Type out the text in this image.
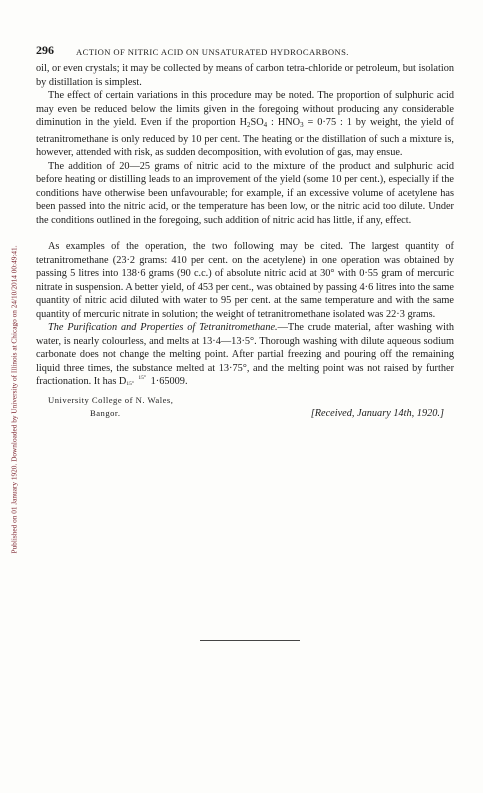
Published on 01 January 1920. Downloaded by University of Illinois at Chicago on 24/10/2014 00:49:41.
296	ACTION OF NITRIC ACID ON UNSATURATED HYDROCARBONS.

oil, or even crystals; it may be collected by means of carbon tetra-chloride or petroleum, but isolation by distillation is simplest.

The effect of certain variations in this procedure may be noted. The proportion of sulphuric acid may even be reduced below the limits given in the foregoing without producing any considerable diminution in the yield. Even if the proportion $H_2SO_4$ : $HNO_3 = 0\cdot 75$ : 1 by weight, the yield of tetranitromethane is only reduced by 10 per cent. The heating or the distillation of such a mixture is, however, attended with risk, as sudden decomposition, with evolution of gas, may ensue.

The addition of 20—25 grams of nitric acid to the mixture of the product and sulphuric acid before heating or distilling leads to an improvement of the yield (some 10 per cent.), especially if the conditions have otherwise been unfavourable; for example, if an excessive volume of acetylene has been passed into the nitric acid, or the temperature has been low, or the nitric acid too dilute. Under the conditions outlined in the foregoing, such addition of nitric acid has little, if any, effect.

As examples of the operation, the two following may be cited. The largest quantity of tetranitromethane (23·2 grams: 410 per cent. on the acetylene) in one operation was obtained by passing 5 litres into 138·6 grams (90 c.c.) of absolute nitric acid at 30° with 0·55 gram of mercuric nitrate in suspension. A better yield, of 453 per cent., was obtained by passing 4·6 litres into the same quantity of nitric acid diluted with water to 95 per cent. at the same temperature and with the same quantity of mercuric nitrate in solution; the weight of tetranitromethane isolated was 22·3 grams.

The Purification and Properties of Tetranitromethane.—The crude material, after washing with water, is nearly colourless, and melts at 13·4—13·5°. Thorough washing with dilute aqueous sodium carbonate does not change the melting point. After partial freezing and pouring off the remaining liquid three times, the substance melted at 13·75°, and the melting point was not raised by further fractionation. It has D 15°
15° 1·65009.

University College of N. Wales,
Bangor.	[Received, January 14th, 1920.]
